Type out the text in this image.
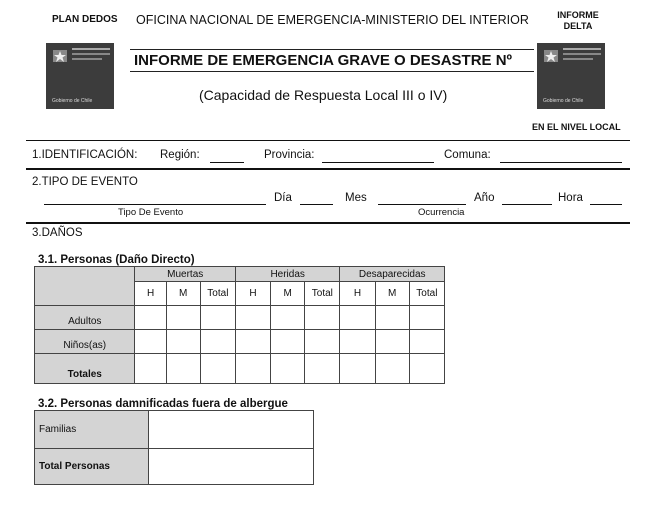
PLAN DEDOS OFICINA NACIONAL DE EMERGENCIA-MINISTERIO DEL INTERIOR	INFORME
DELTA
Gobierno de Chile	Gobierno de Chile
INFORME DE EMERGENCIA GRAVE O DESASTRE Nº
(Capacidad de Respuesta Local III o IV)
EN EL NIVEL LOCAL
1.IDENTIFICACIÓN: Región:	Provincia:	Comuna:
2.TIPO DE EVENTO
Día	Mes	Año	Hora
Tipo De Evento	Ocurrencia
3.DAÑOS
3.1. Personas (Daño Directo)
	Muertas			Heridas			Desaparecidas		
	H	M	Total	H	M	Total	H	M	Total
Adultos									
Niños(as)									
Totales									
3.2. Personas damnificadas fuera de albergue
Familias	
Total Personas	
